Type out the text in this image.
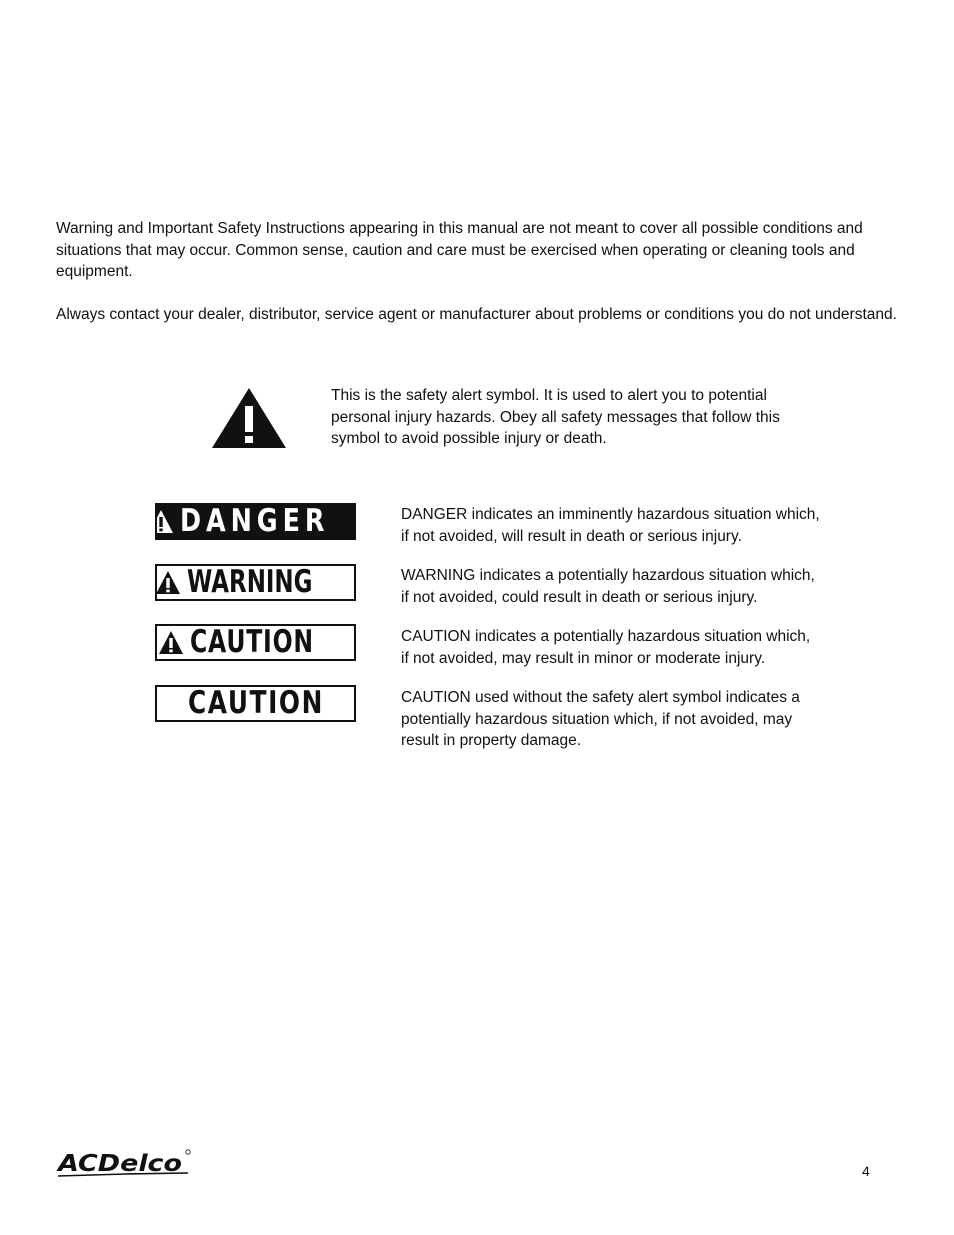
Warning and Important Safety Instructions appearing in this manual are not meant to cover all possible conditions and situations that may occur. Common sense, caution and care must be exercised when operating or cleaning tools and equipment.

Always contact your dealer, distributor, service agent or manufacturer about problems or conditions you do not understand.

This is the safety alert symbol. It is used to alert you to potential personal injury hazards. Obey all safety messages that follow this symbol to avoid possible injury or death.

DANGER	DANGER indicates an imminently hazardous situation which, if not avoided, will result in death or serious injury.

WARNING	WARNING indicates a potentially hazardous situation which, if not avoided, could result in death or serious injury.

CAUTION	CAUTION indicates a potentially hazardous situation which, if not avoided, may result in minor or moderate injury.

CAUTION	CAUTION used without the safety alert symbol indicates a potentially hazardous situation which, if not avoided, may result in property damage.

ACDelco	4
